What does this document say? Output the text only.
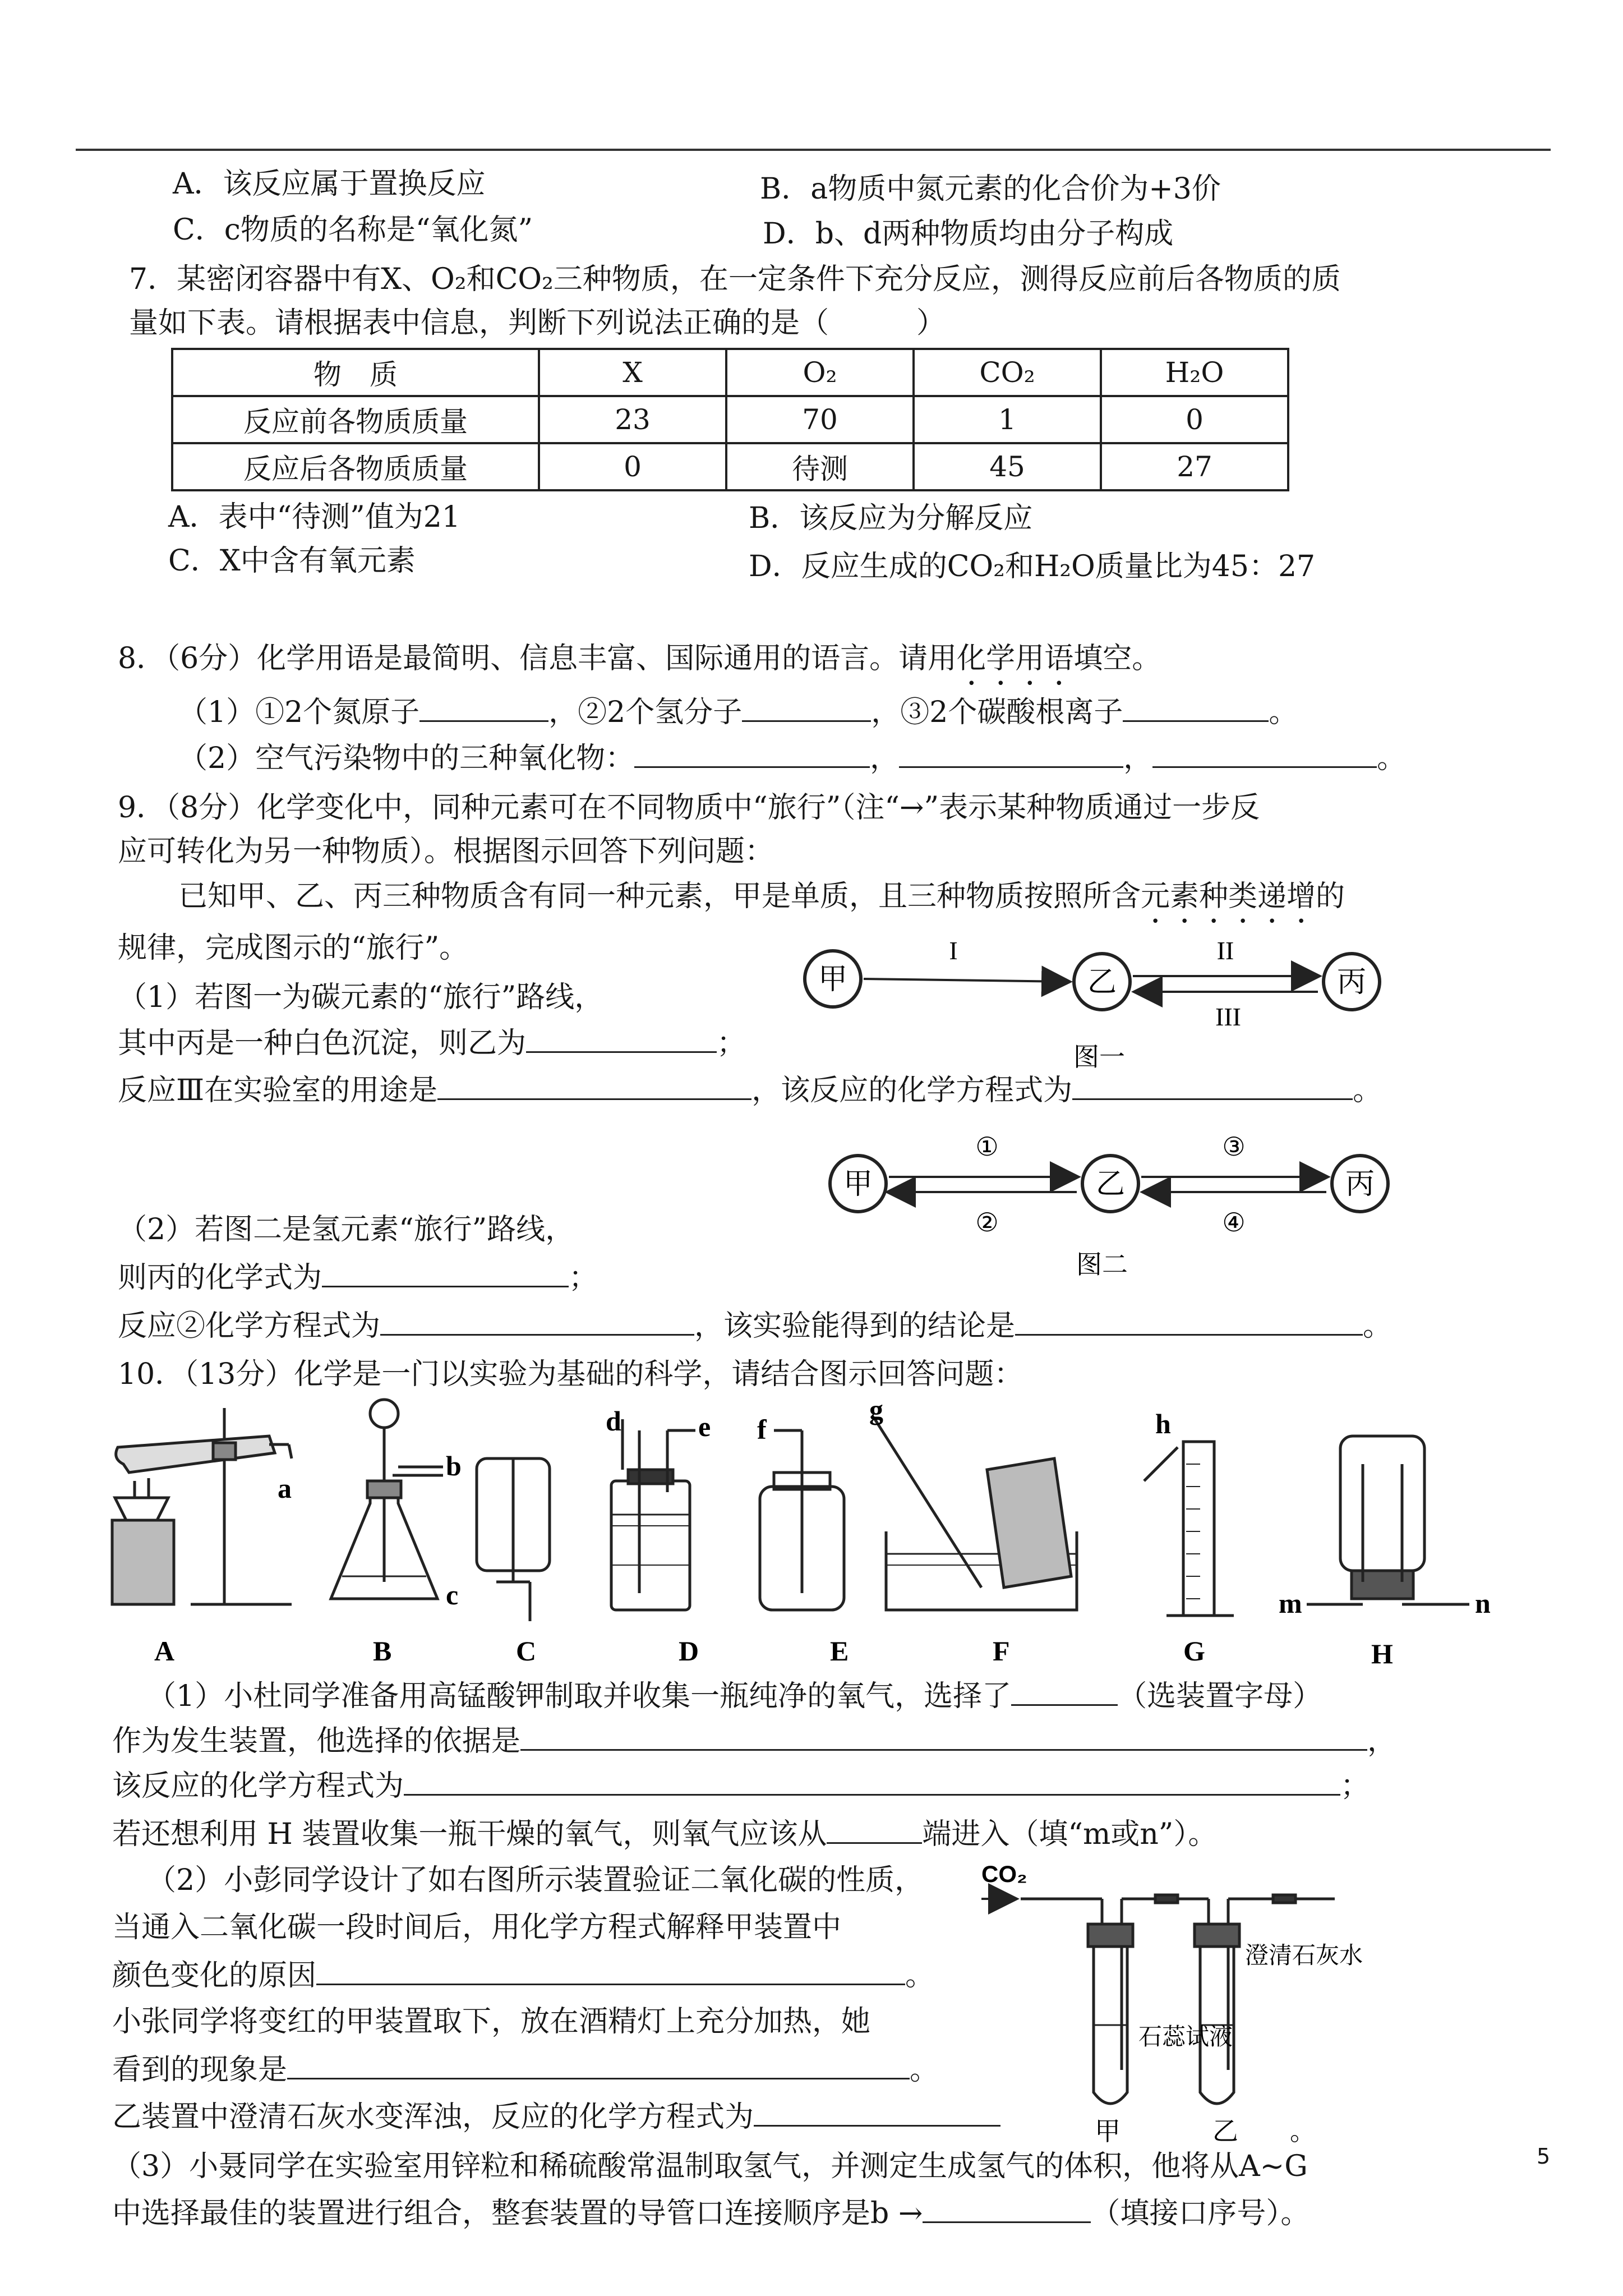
A．该反应属于置换反应	B．a物质中氮元素的化合价为+3价
C．c物质的名称是“氧化氮”	D．b、d两种物质均由分子构成
7．某密闭容器中有X、O₂和CO₂三种物质，在一定条件下充分反应，测得反应前后各物质的质
量如下表。请根据表中信息，判断下列说法正确的是（　　　）
物　质	X	O₂	CO₂	H₂O
反应前各物质质量	23	70	1	0
反应后各物质质量	0	待测	45	27
A．表中“待测”值为21	B．该反应为分解反应
C．X中含有氧元素	D．反应生成的CO₂和H₂O质量比为45：27
8．（6分）化学用语是最简明、信息丰富、国际通用的语言。请用化学用语填空。
（1）①2个氮原子	，②2个氢分子	，③2个碳酸根离子	。
（2）空气污染物中的三种氧化物：	，	，	。
9．（8分）化学变化中，同种元素可在不同物质中“旅行”（注“→”表示某种物质通过一步反
应可转化为另一种物质）。根据图示回答下列问题：
已知甲、乙、丙三种物质含有同一种元素，甲是单质，且三种物质按照所含元素种类递增的
规律，完成图示的“旅行”。
（1）若图一为碳元素的“旅行”路线，
其中丙是一种白色沉淀，则乙为	；
反应Ⅲ在实验室的用途是	，该反应的化学方程式为	。
甲	乙	丙
I	II
III
图一
甲	乙	丙
①
②
③
④
图二
（2）若图二是氢元素“旅行”路线，
则丙的化学式为	；
反应②化学方程式为	，该实验能得到的结论是	。
10．（13分）化学是一门以实验为基础的科学，请结合图示回答问题：
a
b
c
d	e f
g	h
m	n
A	B	C	D	E	F	G	H
（1）小杜同学准备用高锰酸钾制取并收集一瓶纯净的氧气，选择了	（选装置字母）
作为发生装置，他选择的依据是	，
该反应的化学方程式为	；
若还想利用 H 装置收集一瓶干燥的氧气，则氧气应该从	端进入（填“m或n”）。
（2）小彭同学设计了如右图所示装置验证二氧化碳的性质，
当通入二氧化碳一段时间后，用化学方程式解释甲装置中
颜色变化的原因	。
小张同学将变红的甲装置取下，放在酒精灯上充分加热，她
看到的现象是	。
乙装置中澄清石灰水变浑浊，反应的化学方程式为
CO₂
石蕊试液
澄清石灰水
甲	乙 。
（3）小聂同学在实验室用锌粒和稀硫酸常温制取氢气，并测定生成氢气的体积，他将从A~G
中选择最佳的装置进行组合，整套装置的导管口连接顺序是b →	（填接口序号）。
5
